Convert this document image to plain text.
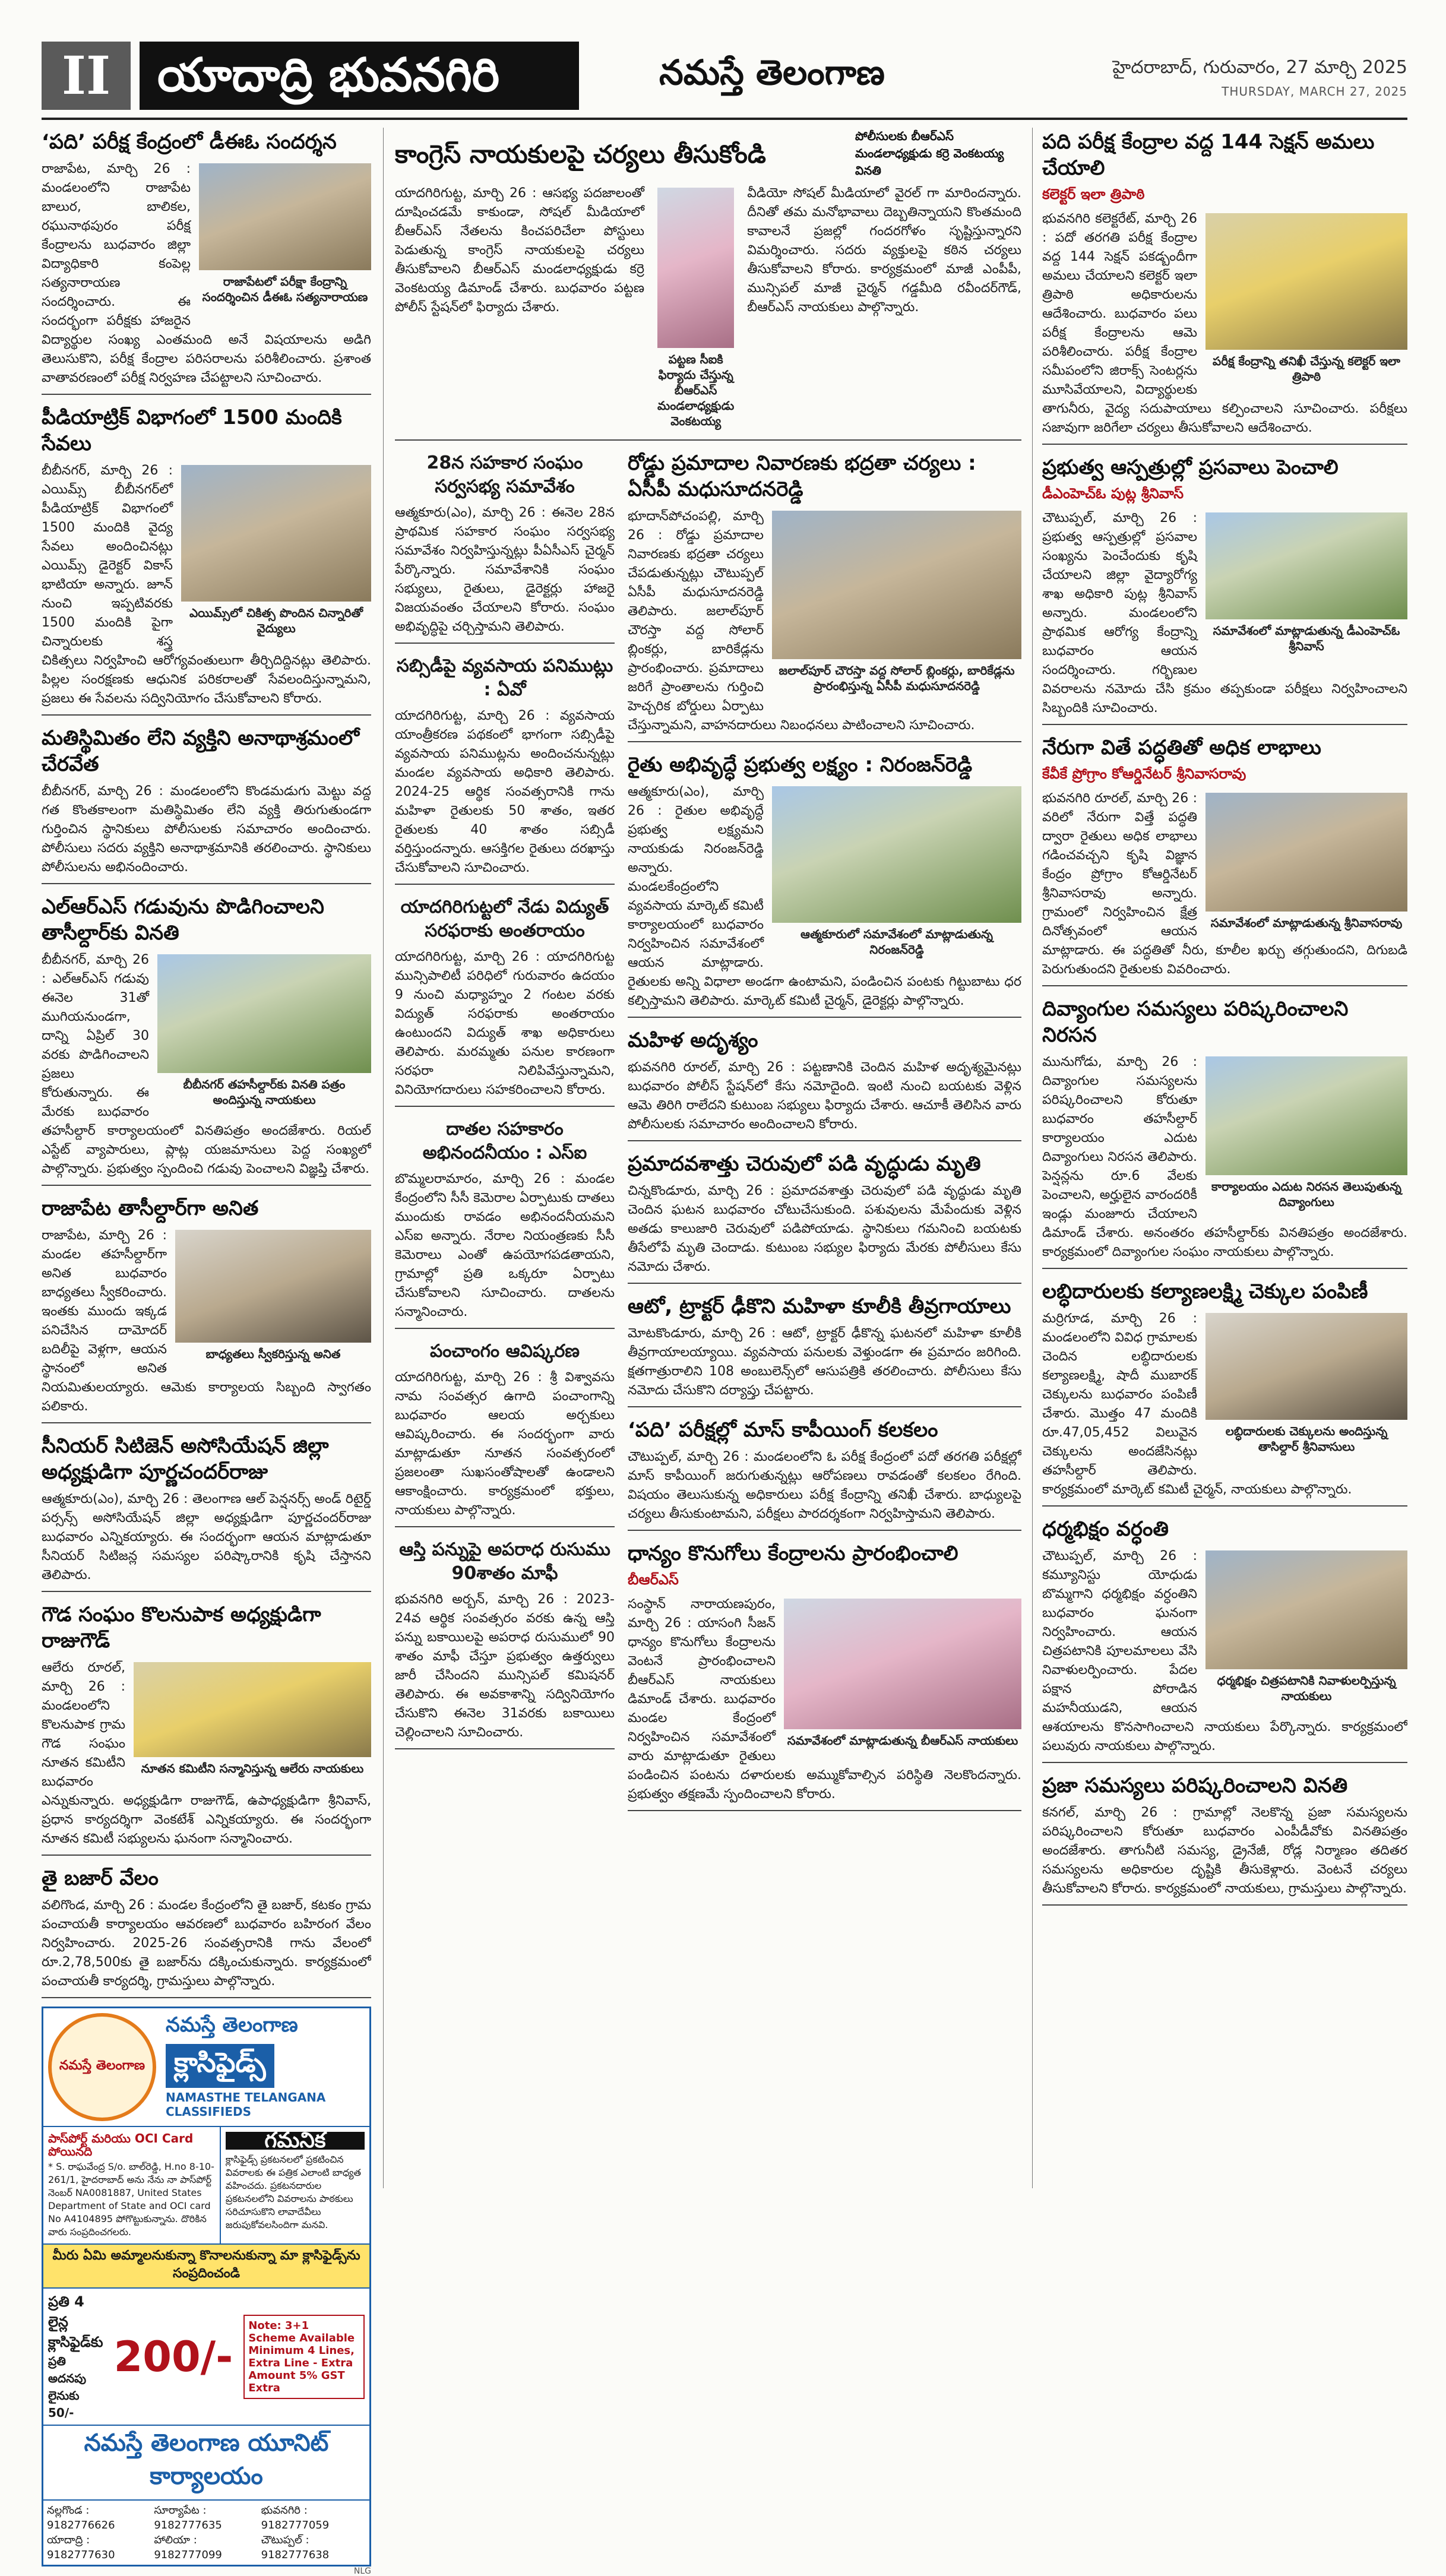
II	యాదాద్రి భువనగిరి	నమస్తే తెలంగాణ	హైదరాబాద్, గురువారం, 27 మార్చి 2025
THURSDAY, MARCH 27, 2025
‘పది’ పరీక్ష కేంద్రంలో డీఈఓ సందర్శన
రాజాపేటలో పరీక్షా కేంద్రాన్ని సందర్శించిన డీఈఓ సత్యనారాయణ

రాజాపేట, మార్చి 26 : మండలంలోని రాజాపేట బాలుర, బాలికల, రఘునాథపురం పరీక్ష కేంద్రాలను బుధవారం జిల్లా విద్యాధికారి కంపెల్ల సత్యనారాయణ సందర్శించారు. ఈ సందర్భంగా పరీక్షకు హాజరైన విద్యార్థుల సంఖ్య ఎంతమంది అనే విషయాలను అడిగి తెలుసుకొని, పరీక్ష కేంద్రాల పరిసరాలను పరిశీలించారు. ప్రశాంత వాతావరణంలో పరీక్ష నిర్వహణ చేపట్టాలని సూచించారు.

పీడియాట్రిక్ విభాగంలో 1500 మందికి సేవలు
ఎయిమ్స్‌లో చికిత్స పొందిన చిన్నారితో వైద్యులు

బీబీనగర్, మార్చి 26 : ఎయిమ్స్ బీబీనగర్‌లో పీడియాట్రిక్ విభాగంలో 1500 మందికి వైద్య సేవలు అందించినట్లు ఎయిమ్స్ డైరెక్టర్ వికాస్ భాటియా అన్నారు. జూన్ నుంచి ఇప్పటివరకు 1500 మందికి పైగా చిన్నారులకు శస్త్ర చికిత్సలు నిర్వహించి ఆరోగ్యవంతులుగా తీర్చిదిద్దినట్లు తెలిపారు. పిల్లల సంరక్షణకు ఆధునిక పరికరాలతో సేవలందిస్తున్నామని, ప్రజలు ఈ సేవలను సద్వినియోగం చేసుకోవాలని కోరారు.

మతిస్థిమితం లేని వ్యక్తిని అనాథాశ్రమంలో చేరవేత

బీబీనగర్, మార్చి 26 : మండలంలోని కొండమడుగు మెట్టు వద్ద గత కొంతకాలంగా మతిస్థిమితం లేని వ్యక్తి తిరుగుతుండగా గుర్తించిన స్థానికులు పోలీసులకు సమాచారం అందించారు. పోలీసులు సదరు వ్యక్తిని అనాథాశ్రమానికి తరలించారు. స్థానికులు పోలీసులను అభినందించారు.

ఎల్‌ఆర్‌ఎస్ గడువును పొడిగించాలని తాసీల్దార్‌కు వినతి
బీబీనగర్ తహసీల్దార్‌కు వినతి పత్రం అందిస్తున్న నాయకులు

బీబీనగర్, మార్చి 26 : ఎల్‌ఆర్‌ఎస్ గడువు ఈనెల 31తో ముగియనుండగా, దాన్ని ఏప్రిల్ 30 వరకు పొడిగించాలని ప్రజలు కోరుతున్నారు. ఈ మేరకు బుధవారం తహసీల్దార్ కార్యాలయంలో వినతిపత్రం అందజేశారు. రియల్ ఎస్టేట్ వ్యాపారులు, ప్లాట్ల యజమానులు పెద్ద సంఖ్యలో పాల్గొన్నారు. ప్రభుత్వం స్పందించి గడువు పెంచాలని విజ్ఞప్తి చేశారు.

రాజాపేట తాసీల్దార్‌గా అనిత
బాధ్యతలు స్వీకరిస్తున్న అనిత

రాజాపేట, మార్చి 26 : మండల తహసీల్దార్‌గా అనిత బుధవారం బాధ్యతలు స్వీకరించారు. ఇంతకు ముందు ఇక్కడ పనిచేసిన దామోదర్ బదిలీపై వెళ్లగా, ఆయన స్థానంలో అనిత నియమితులయ్యారు. ఆమెకు కార్యాలయ సిబ్బంది స్వాగతం పలికారు.

సీనియర్ సిటిజెన్ అసోసియేషన్ జిల్లా అధ్యక్షుడిగా పూర్ణచందర్‌రాజు

ఆత్మకూరు(ఎం), మార్చి 26 : తెలంగాణ ఆల్ పెన్షనర్స్ అండ్ రిటైర్డ్ పర్సన్స్ అసోసియేషన్ జిల్లా అధ్యక్షుడిగా పూర్ణచందర్‌రాజు బుధవారం ఎన్నికయ్యారు. ఈ సందర్భంగా ఆయన మాట్లాడుతూ సీనియర్ సిటిజన్ల సమస్యల పరిష్కారానికి కృషి చేస్తానని తెలిపారు.

గౌడ సంఘం కొలనుపాక అధ్యక్షుడిగా రాజుగౌడ్
నూతన కమిటీని సన్మానిస్తున్న ఆలేరు నాయకులు

ఆలేరు రూరల్, మార్చి 26 : మండలంలోని కొలనుపాక గ్రామ గౌడ సంఘం నూతన కమిటీని బుధవారం ఎన్నుకున్నారు. అధ్యక్షుడిగా రాజుగౌడ్, ఉపాధ్యక్షుడిగా శ్రీనివాస్, ప్రధాన కార్యదర్శిగా వెంకటేశ్ ఎన్నికయ్యారు. ఈ సందర్భంగా నూతన కమిటీ సభ్యులను ఘనంగా సన్మానించారు.

తై బజార్ వేలం

వలిగొండ, మార్చి 26 : మండల కేంద్రంలోని తై బజార్, కటకం గ్రామ పంచాయతీ కార్యాలయం ఆవరణలో బుధవారం బహిరంగ వేలం నిర్వహించారు. 2025-26 సంవత్సరానికి గాను వేలంలో రూ.2,78,500కు తై బజార్‌ను దక్కించుకున్నారు. కార్యక్రమంలో పంచాయతీ కార్యదర్శి, గ్రామస్తులు పాల్గొన్నారు.

నమస్తే తెలంగాణ
నమస్తే తెలంగాణ
క్లాసిఫైడ్స్
NAMASTHE TELANGANA CLASSIFIEDS
పాస్‌పోర్ట్ మరియు OCI Card పోయినది
* S. రాఘవేంద్ర S/o. బాల్‌రెడ్డి, H.no 8-10-261/1, హైదరాబాద్ అను నేను నా పాస్‌పోర్ట్ నెంబర్ NA0081887, United States Department of State and OCI card No A4104895 పోగొట్టుకున్నాను. దొరికిన వారు సంప్రదించగలరు.
గమనిక
క్లాసిఫైడ్స్ ప్రకటనలలో ప్రకటించిన వివరాలకు ఈ పత్రిక ఎలాంటి బాధ్యత వహించదు. ప్రకటనదారుల ప్రకటనలలోని వివరాలను పాఠకులు సరిచూసుకొని లావాదేవీలు జరుపుకోవలసిందిగా మనవి.
మీరు ఏమి అమ్మాలనుకున్నా కొనాలనుకున్నా మా క్లాసిఫైడ్స్‌ను సంప్రదించండి
ప్రతి 4 లైన్ల క్లాసిఫైడ్‌కు
ప్రతి అదనపు లైనుకు 50/-
200/-
Note: 3+1 Scheme Available Minimum 4 Lines, Extra Line - Extra Amount 5% GST Extra
నమస్తే తెలంగాణ యూనిట్ కార్యాలయం
నల్లగొండ : 9182776626
సూర్యాపేట : 9182777635
భువనగిరి : 9182777059
యాదాద్రి : 9182777630
హాలియా : 9182777099
చౌటుప్పల్ : 9182777638
NLG
కాంగ్రెస్ నాయకులపై చర్యలు తీసుకోండి
పోలీసులకు బీఆర్‌ఎస్ మండలాధ్యక్షుడు కర్రె వెంకటయ్య వినతి

యాదగిరిగుట్ట, మార్చి 26 : ఆసభ్య పదజాలంతో దూషించడమే కాకుండా, సోషల్ మీడియాలో బీఆర్‌ఎస్ నేతలను కించపరిచేలా పోస్టులు పెడుతున్న కాంగ్రెస్ నాయకులపై చర్యలు తీసుకోవాలని బీఆర్‌ఎస్ మండలాధ్యక్షుడు కర్రె వెంకటయ్య డిమాండ్ చేశారు. బుధవారం పట్టణ పోలీస్ స్టేషన్‌లో ఫిర్యాదు చేశారు.

పట్టణ సీఐకి ఫిర్యాదు చేస్తున్న బీఆర్‌ఎస్ మండలాధ్యక్షుడు వెంకటయ్య

వీడియో సోషల్ మీడియాలో వైరల్ గా మారిందన్నారు. దీనితో తమ మనోభావాలు దెబ్బతిన్నాయని కొంతమంది కావాలనే ప్రజల్లో గందరగోళం సృష్టిస్తున్నారని విమర్శించారు. సదరు వ్యక్తులపై కఠిన చర్యలు తీసుకోవాలని కోరారు. కార్యక్రమంలో మాజీ ఎంపీపీ, మున్సిపల్ మాజీ చైర్మన్ గడ్డమీది రవీందర్‌గౌడ్, బీఆర్‌ఎస్ నాయకులు పాల్గొన్నారు.

28న సహకార సంఘం సర్వసభ్య సమావేశం

ఆత్మకూరు(ఎం), మార్చి 26 : ఈనెల 28న ప్రాథమిక సహకార సంఘం సర్వసభ్య సమావేశం నిర్వహిస్తున్నట్లు పీఏసీఎస్ చైర్మన్ పేర్కొన్నారు. సమావేశానికి సంఘం సభ్యులు, రైతులు, డైరెక్టర్లు హాజరై విజయవంతం చేయాలని కోరారు. సంఘం అభివృద్ధిపై చర్చిస్తామని తెలిపారు.

సబ్సిడీపై వ్యవసాయ పనిముట్లు : ఏవో

యాదగిరిగుట్ట, మార్చి 26 : వ్యవసాయ యాంత్రీకరణ పథకంలో భాగంగా సబ్సిడీపై వ్యవసాయ పనిముట్లను అందించనున్నట్లు మండల వ్యవసాయ అధికారి తెలిపారు. 2024-25 ఆర్థిక సంవత్సరానికి గాను మహిళా రైతులకు 50 శాతం, ఇతర రైతులకు 40 శాతం సబ్సిడీ వర్తిస్తుందన్నారు. ఆసక్తిగల రైతులు దరఖాస్తు చేసుకోవాలని సూచించారు.

యాదగిరిగుట్టలో నేడు విద్యుత్ సరఫరాకు అంతరాయం

యాదగిరిగుట్ట, మార్చి 26 : యాదగిరిగుట్ట మున్సిపాలిటీ పరిధిలో గురువారం ఉదయం 9 నుంచి మధ్యాహ్నం 2 గంటల వరకు విద్యుత్ సరఫరాకు అంతరాయం ఉంటుందని విద్యుత్ శాఖ అధికారులు తెలిపారు. మరమ్మతు పనుల కారణంగా సరఫరా నిలిపివేస్తున్నామని, వినియోగదారులు సహకరించాలని కోరారు.

దాతల సహకారం అభినందనీయం : ఎస్‌ఐ

బొమ్మలరామారం, మార్చి 26 : మండల కేంద్రంలోని సీసీ కెమెరాల ఏర్పాటుకు దాతలు ముందుకు రావడం అభినందనీయమని ఎస్‌ఐ అన్నారు. నేరాల నియంత్రణకు సీసీ కెమెరాలు ఎంతో ఉపయోగపడతాయని, గ్రామాల్లో ప్రతి ఒక్కరూ ఏర్పాటు చేసుకోవాలని సూచించారు. దాతలను సన్మానించారు.

పంచాంగం ఆవిష్కరణ

యాదగిరిగుట్ట, మార్చి 26 : శ్రీ విశ్వావసు నామ సంవత్సర ఉగాది పంచాంగాన్ని బుధవారం ఆలయ అర్చకులు ఆవిష్కరించారు. ఈ సందర్భంగా వారు మాట్లాడుతూ నూతన సంవత్సరంలో ప్రజలంతా సుఖసంతోషాలతో ఉండాలని ఆకాంక్షించారు. కార్యక్రమంలో భక్తులు, నాయకులు పాల్గొన్నారు.

ఆస్తి పన్నుపై అపరాధ రుసుము 90శాతం మాఫీ

భువనగిరి అర్బన్, మార్చి 26 : 2023-24వ ఆర్థిక సంవత్సరం వరకు ఉన్న ఆస్తి పన్ను బకాయిలపై అపరాధ రుసుములో 90 శాతం మాఫీ చేస్తూ ప్రభుత్వం ఉత్తర్వులు జారీ చేసిందని మున్సిపల్ కమిషనర్ తెలిపారు. ఈ అవకాశాన్ని సద్వినియోగం చేసుకొని ఈనెల 31వరకు బకాయిలు చెల్లించాలని సూచించారు.

రోడ్డు ప్రమాదాల నివారణకు భద్రతా చర్యలు : ఏసీపీ మధుసూదనరెడ్డి
జలాల్‌పూర్ చౌరస్తా వద్ద సోలార్ బ్లింకర్లు, బారికేడ్లను ప్రారంభిస్తున్న ఏసీపీ మధుసూదనరెడ్డి

భూదాన్‌పోచంపల్లి, మార్చి 26 : రోడ్డు ప్రమాదాల నివారణకు భద్రతా చర్యలు చేపడుతున్నట్లు చౌటుప్పల్ ఏసీపీ మధుసూదనరెడ్డి తెలిపారు. జలాల్‌పూర్ చౌరస్తా వద్ద సోలార్ బ్లింకర్లు, బారికేడ్లను ప్రారంభించారు. ప్రమాదాలు జరిగే ప్రాంతాలను గుర్తించి హెచ్చరిక బోర్డులు ఏర్పాటు చేస్తున్నామని, వాహనదారులు నిబంధనలు పాటించాలని సూచించారు.

రైతు అభివృద్ధే ప్రభుత్వ లక్ష్యం : నిరంజన్‌రెడ్డి
ఆత్మకూరులో సమావేశంలో మాట్లాడుతున్న నిరంజన్‌రెడ్డి

ఆత్మకూరు(ఎం), మార్చి 26 : రైతుల అభివృద్ధే ప్రభుత్వ లక్ష్యమని నాయకుడు నిరంజన్‌రెడ్డి అన్నారు. మండలకేంద్రంలోని వ్యవసాయ మార్కెట్ కమిటీ కార్యాలయంలో బుధవారం నిర్వహించిన సమావేశంలో ఆయన మాట్లాడారు. రైతులకు అన్ని విధాలా అండగా ఉంటామని, పండించిన పంటకు గిట్టుబాటు ధర కల్పిస్తామని తెలిపారు. మార్కెట్ కమిటీ చైర్మన్, డైరెక్టర్లు పాల్గొన్నారు.

మహిళ అదృశ్యం

భువనగిరి రూరల్, మార్చి 26 : పట్టణానికి చెందిన మహిళ అదృశ్యమైనట్లు బుధవారం పోలీస్ స్టేషన్‌లో కేసు నమోదైంది. ఇంటి నుంచి బయటకు వెళ్లిన ఆమె తిరిగి రాలేదని కుటుంబ సభ్యులు ఫిర్యాదు చేశారు. ఆచూకీ తెలిసిన వారు పోలీసులకు సమాచారం అందించాలని కోరారు.

ప్రమాదవశాత్తు చెరువులో పడి వృద్ధుడు మృతి

చిన్నకొండూరు, మార్చి 26 : ప్రమాదవశాత్తు చెరువులో పడి వృద్ధుడు మృతి చెందిన ఘటన బుధవారం చోటుచేసుకుంది. పశువులను మేపేందుకు వెళ్లిన అతడు కాలుజారి చెరువులో పడిపోయాడు. స్థానికులు గమనించి బయటకు తీసేలోపే మృతి చెందాడు. కుటుంబ సభ్యుల ఫిర్యాదు మేరకు పోలీసులు కేసు నమోదు చేశారు.

ఆటో, ట్రాక్టర్ ఢీకొని మహిళా కూలీకి తీవ్రగాయాలు

మోటకొండూరు, మార్చి 26 : ఆటో, ట్రాక్టర్ ఢీకొన్న ఘటనలో మహిళా కూలీకి తీవ్రగాయాలయ్యాయి. వ్యవసాయ పనులకు వెళ్తుండగా ఈ ప్రమాదం జరిగింది. క్షతగాత్రురాలిని 108 అంబులెన్స్‌లో ఆసుపత్రికి తరలించారు. పోలీసులు కేసు నమోదు చేసుకొని దర్యాప్తు చేపట్టారు.

‘పది’ పరీక్షల్లో మాస్ కాపీయింగ్ కలకలం

చౌటుప్పల్, మార్చి 26 : మండలంలోని ఓ పరీక్ష కేంద్రంలో పదో తరగతి పరీక్షల్లో మాస్ కాపీయింగ్ జరుగుతున్నట్లు ఆరోపణలు రావడంతో కలకలం రేగింది. విషయం తెలుసుకున్న అధికారులు పరీక్ష కేంద్రాన్ని తనిఖీ చేశారు. బాధ్యులపై చర్యలు తీసుకుంటామని, పరీక్షలు పారదర్శకంగా నిర్వహిస్తామని తెలిపారు.

ధాన్యం కొనుగోలు కేంద్రాలను ప్రారంభించాలి
బీఆర్‌ఎస్
సమావేశంలో మాట్లాడుతున్న బీఆర్‌ఎస్ నాయకులు

సంస్థాన్ నారాయణపురం, మార్చి 26 : యాసంగి సీజన్ ధాన్యం కొనుగోలు కేంద్రాలను వెంటనే ప్రారంభించాలని బీఆర్‌ఎస్ నాయకులు డిమాండ్ చేశారు. బుధవారం మండల కేంద్రంలో నిర్వహించిన సమావేశంలో వారు మాట్లాడుతూ రైతులు పండించిన పంటను దళారులకు అమ్ముకోవాల్సిన పరిస్థితి నెలకొందన్నారు. ప్రభుత్వం తక్షణమే స్పందించాలని కోరారు.

పది పరీక్ష కేంద్రాల వద్ద 144 సెక్షన్ అమలు చేయాలి
కలెక్టర్ ఇలా త్రిపాఠి
పరీక్ష కేంద్రాన్ని తనిఖీ చేస్తున్న కలెక్టర్ ఇలా త్రిపాఠి

భువనగిరి కలెక్టరేట్, మార్చి 26 : పదో తరగతి పరీక్ష కేంద్రాల వద్ద 144 సెక్షన్ పకడ్బందీగా అమలు చేయాలని కలెక్టర్ ఇలా త్రిపాఠి అధికారులను ఆదేశించారు. బుధవారం పలు పరీక్ష కేంద్రాలను ఆమె పరిశీలించారు. పరీక్ష కేంద్రాల సమీపంలోని జిరాక్స్ సెంటర్లను మూసివేయాలని, విద్యార్థులకు తాగునీరు, వైద్య సదుపాయాలు కల్పించాలని సూచించారు. పరీక్షలు సజావుగా జరిగేలా చర్యలు తీసుకోవాలని ఆదేశించారు.

ప్రభుత్వ ఆస్పత్రుల్లో ప్రసవాలు పెంచాలి
డీఎంహెచ్‌ఓ పుట్ల శ్రీనివాస్
సమావేశంలో మాట్లాడుతున్న డీఎంహెచ్‌ఓ శ్రీనివాస్

చౌటుప్పల్, మార్చి 26 : ప్రభుత్వ ఆస్పత్రుల్లో ప్రసవాల సంఖ్యను పెంచేందుకు కృషి చేయాలని జిల్లా వైద్యారోగ్య శాఖ అధికారి పుట్ల శ్రీనివాస్ అన్నారు. మండలంలోని ప్రాథమిక ఆరోగ్య కేంద్రాన్ని బుధవారం ఆయన సందర్శించారు. గర్భిణుల వివరాలను నమోదు చేసి క్రమం తప్పకుండా పరీక్షలు నిర్వహించాలని సిబ్బందికి సూచించారు.

నేరుగా వితే పద్ధతితో అధిక లాభాలు
కేవీకే ప్రోగ్రాం కోఆర్డినేటర్ శ్రీనివాసరావు
సమావేశంలో మాట్లాడుతున్న శ్రీనివాసరావు

భువనగిరి రూరల్, మార్చి 26 : వరిలో నేరుగా విత్తే పద్ధతి ద్వారా రైతులు అధిక లాభాలు గడించవచ్చని కృషి విజ్ఞాన కేంద్రం ప్రోగ్రాం కోఆర్డినేటర్ శ్రీనివాసరావు అన్నారు. గ్రామంలో నిర్వహించిన క్షేత్ర దినోత్సవంలో ఆయన మాట్లాడారు. ఈ పద్ధతితో నీరు, కూలీల ఖర్చు తగ్గుతుందని, దిగుబడి పెరుగుతుందని రైతులకు వివరించారు.

దివ్యాంగుల సమస్యలు పరిష్కరించాలని నిరసన
కార్యాలయం ఎదుట నిరసన తెలుపుతున్న దివ్యాంగులు

మునుగోడు, మార్చి 26 : దివ్యాంగుల సమస్యలను పరిష్కరించాలని కోరుతూ బుధవారం తహసీల్దార్ కార్యాలయం ఎదుట దివ్యాంగులు నిరసన తెలిపారు. పెన్షన్లను రూ.6 వేలకు పెంచాలని, అర్హులైన వారందరికీ ఇండ్లు మంజూరు చేయాలని డిమాండ్ చేశారు. అనంతరం తహసీల్దార్‌కు వినతిపత్రం అందజేశారు. కార్యక్రమంలో దివ్యాంగుల సంఘం నాయకులు పాల్గొన్నారు.

లబ్ధిదారులకు కల్యాణలక్ష్మి చెక్కుల పంపిణీ
లబ్ధిదారులకు చెక్కులను అందిస్తున్న తాసిల్దార్ శ్రీనివాసులు

మర్రిగూడ, మార్చి 26 : మండలంలోని వివిధ గ్రామాలకు చెందిన లబ్ధిదారులకు కల్యాణలక్ష్మి, షాదీ ముబారక్ చెక్కులను బుధవారం పంపిణీ చేశారు. మొత్తం 47 మందికి రూ.47,05,452 విలువైన చెక్కులను అందజేసినట్లు తహసీల్దార్ తెలిపారు. కార్యక్రమంలో మార్కెట్ కమిటీ చైర్మన్, నాయకులు పాల్గొన్నారు.

ధర్మభిక్షం వర్ధంతి
ధర్మభిక్షం చిత్రపటానికి నివాళులర్పిస్తున్న నాయకులు

చౌటుప్పల్, మార్చి 26 : కమ్యూనిస్టు యోధుడు బొమ్మగాని ధర్మభిక్షం వర్ధంతిని బుధవారం ఘనంగా నిర్వహించారు. ఆయన చిత్రపటానికి పూలమాలలు వేసి నివాళులర్పించారు. పేదల పక్షాన పోరాడిన మహనీయుడని, ఆయన ఆశయాలను కొనసాగించాలని నాయకులు పేర్కొన్నారు. కార్యక్రమంలో పలువురు నాయకులు పాల్గొన్నారు.

ప్రజా సమస్యలు పరిష్కరించాలని వినతి

కనగల్, మార్చి 26 : గ్రామాల్లో నెలకొన్న ప్రజా సమస్యలను పరిష్కరించాలని కోరుతూ బుధవారం ఎంపీడీవోకు వినతిపత్రం అందజేశారు. తాగునీటి సమస్య, డ్రైనేజీ, రోడ్ల నిర్మాణం తదితర సమస్యలను అధికారుల దృష్టికి తీసుకెళ్లారు. వెంటనే చర్యలు తీసుకోవాలని కోరారు. కార్యక్రమంలో నాయకులు, గ్రామస్తులు పాల్గొన్నారు.
